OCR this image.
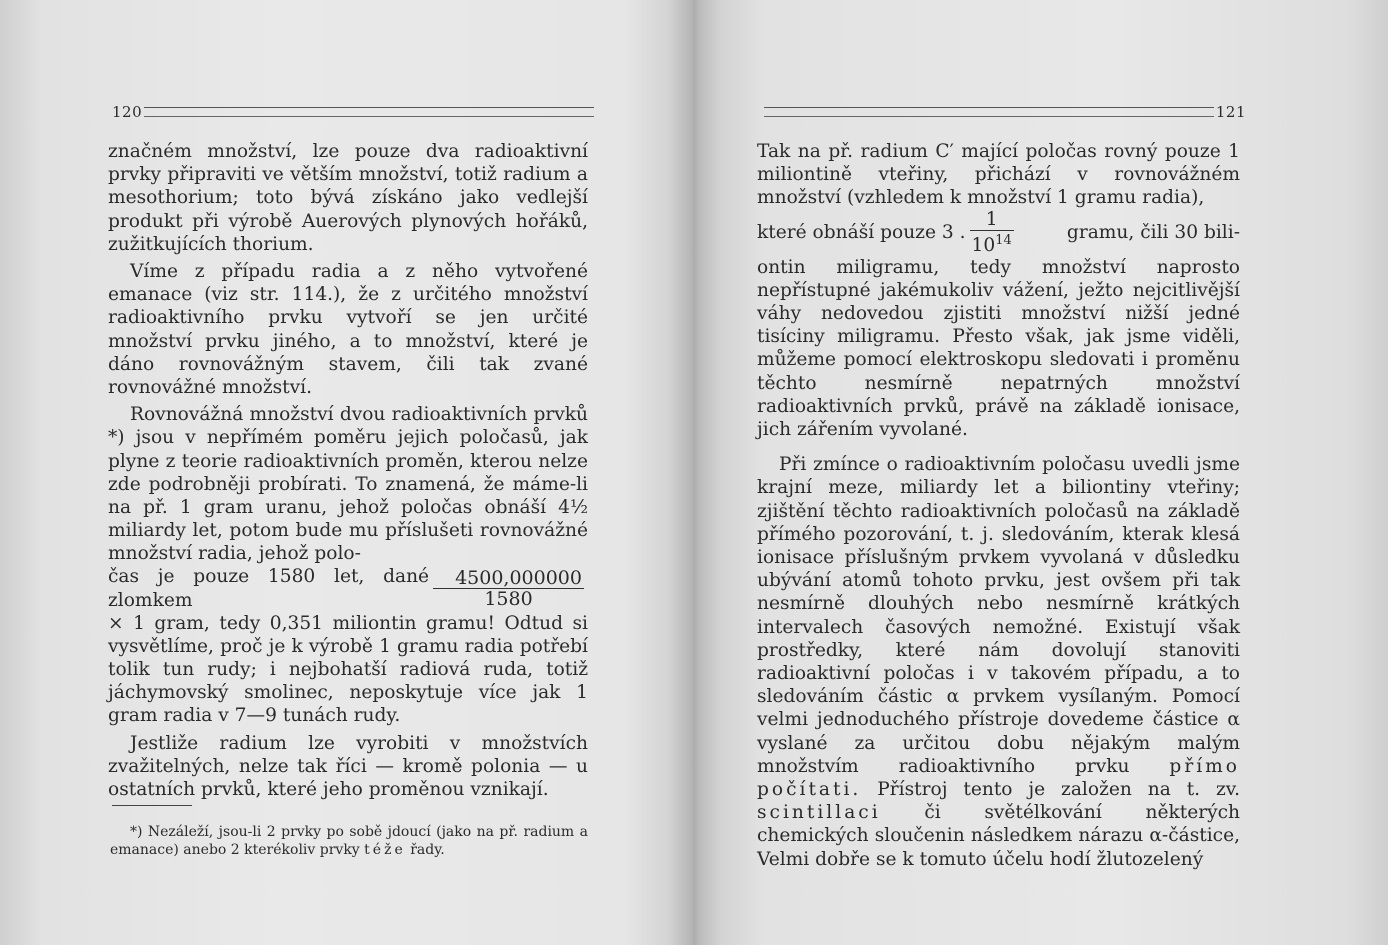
120

značném množství, lze pouze dva radioaktivní prvky připraviti ve větším množství, totiž radium a mesothorium; toto bývá získáno jako vedlejší produkt při výrobě Auerových plynových hořáků, zužitkujících thorium.

Víme z případu radia a z něho vytvořené emanace (viz str. 114.), že z určitého množství radioaktivního prvku vytvoří se jen určité množství prvku jiného, a to množství, které je dáno rovnovážným stavem, čili tak zvané rovnovážné množství.

Rovnovážná množství dvou radioaktivních prvků *) jsou v nepřímém poměru jejich poločasů, jak plyne z teorie radioaktivních proměn, kterou nelze zde podrobněji probírati. To znamená, že máme-li na př. 1 gram uranu, jehož poločas obnáší 4½ miliardy let, potom bude mu příslušeti rovnovážné množství radia, jehož polo-

čas je pouze 1580 let, dané zlomkem	$\frac{4500,000000}{1580}$

× 1 gram, tedy 0,351 miliontin gramu! Odtud si vysvětlíme, proč je k výrobě 1 gramu radia potřebí tolik tun rudy; i nejbohatší radiová ruda, totiž jáchymovský smolinec, neposkytuje více jak 1 gram radia v 7—9 tunách rudy.

Jestliže radium lze vyrobiti v množstvích zvažitelných, nelze tak říci — kromě polonia — u ostatních prvků, které jeho proměnou vznikají.

*) Nezáleží, jsou-li 2 prvky po sobě jdoucí (jako na př. radium a emanace) anebo 2 kterékoliv prvky téže řady.

121

Tak na př. radium C′ mající poločas rovný pouze 1 miliontině vteřiny, přichází v rovnovážném množství (vzhledem k množství 1 gramu radia),

které obnáší pouze 3 . $\frac{1}{10^{14}}$	gramu, čili 30 bili-

ontin miligramu, tedy množství naprosto nepřístupné jakémukoliv vážení, ježto nejcitlivější váhy nedovedou zjistiti množství nižší jedné tisíciny miligramu. Přesto však, jak jsme viděli, můžeme pomocí elektroskopu sledovati i proměnu těchto nesmírně nepatrných množství radioaktivních prvků, právě na základě ionisace, jich zářením vyvolané.

Při zmínce o radioaktivním poločasu uvedli jsme krajní meze, miliardy let a biliontiny vteřiny; zjištění těchto radioaktivních poločasů na základě přímého pozorování, t. j. sledováním, kterak klesá ionisace příslušným prvkem vyvolaná v důsledku ubývání atomů tohoto prvku, jest ovšem při tak nesmírně dlouhých nebo nesmírně krátkých intervalech časových nemožné. Existují však prostředky, které nám dovolují stanoviti radioaktivní poločas i v takovém případu, a to sledováním částic α prvkem vysílaným. Pomocí velmi jednoduchého přístroje dovedeme částice α vyslané za určitou dobu nějakým malým množstvím radioaktivního prvku přímo počítati. Přístroj tento je založen na t. zv. scintillaci či světélkování některých chemických sloučenin následkem nárazu α-částice, Velmi dobře se k tomuto účelu hodí žlutozelený
